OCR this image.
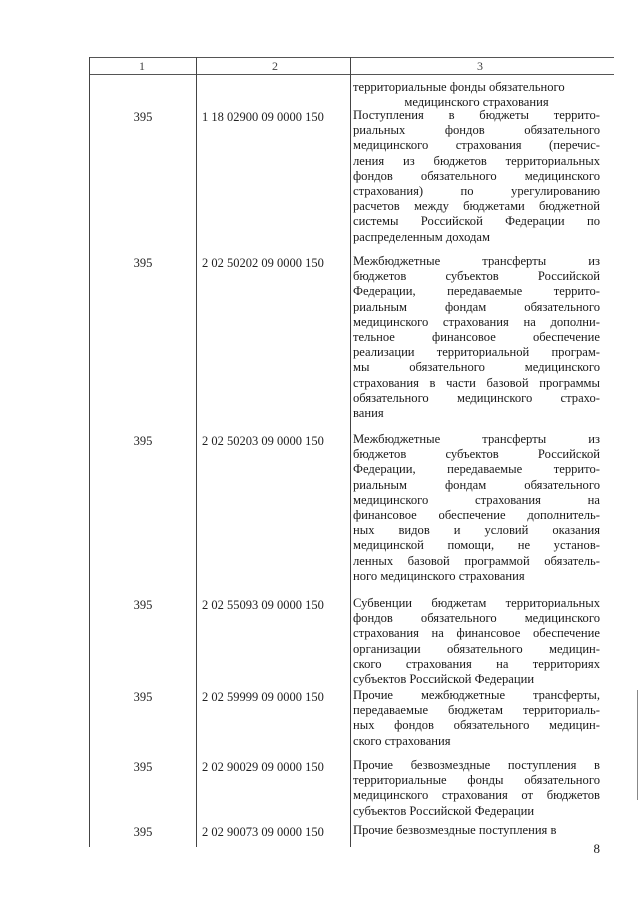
1	2	3
территориальные фонды обязательного
медицинского страхования
395	1 18 02900 09 0000 150 Поступления в бюджеты террито-
риальных фондов обязательного
медицинского страхования (перечис-
ления из бюджетов территориальных
фондов обязательного медицинского
страхования) по урегулированию
расчетов между бюджетами бюджетной
системы Российской Федерации по
распределенным доходам
395	2 02 50202 09 0000 150 Межбюджетные трансферты из
бюджетов субъектов Российской
Федерации, передаваемые террито-
риальным фондам обязательного
медицинского страхования на дополни-
тельное финансовое обеспечение
реализации территориальной програм-
мы обязательного медицинского
страхования в части базовой программы
обязательного медицинского страхо-
вания
395	2 02 50203 09 0000 150 Межбюджетные трансферты из
бюджетов субъектов Российской
Федерации, передаваемые террито-
риальным фондам обязательного
медицинского страхования на
финансовое обеспечение дополнитель-
ных видов и условий оказания
медицинской помощи, не установ-
ленных базовой программой обязатель-
ного медицинского страхования
395	2 02 55093 09 0000 150 Субвенции бюджетам территориальных
фондов обязательного медицинского
страхования на финансовое обеспечение
организации обязательного медицин-
ского страхования на территориях
субъектов Российской Федерации
395	2 02 59999 09 0000 150 Прочие межбюджетные трансферты,
передаваемые бюджетам территориаль-
ных фондов обязательного медицин-
ского страхования
395	2 02 90029 09 0000 150 Прочие безвозмездные поступления в
территориальные фонды обязательного
медицинского страхования от бюджетов
субъектов Российской Федерации
395	2 02 90073 09 0000 150 Прочие безвозмездные поступления в
8
